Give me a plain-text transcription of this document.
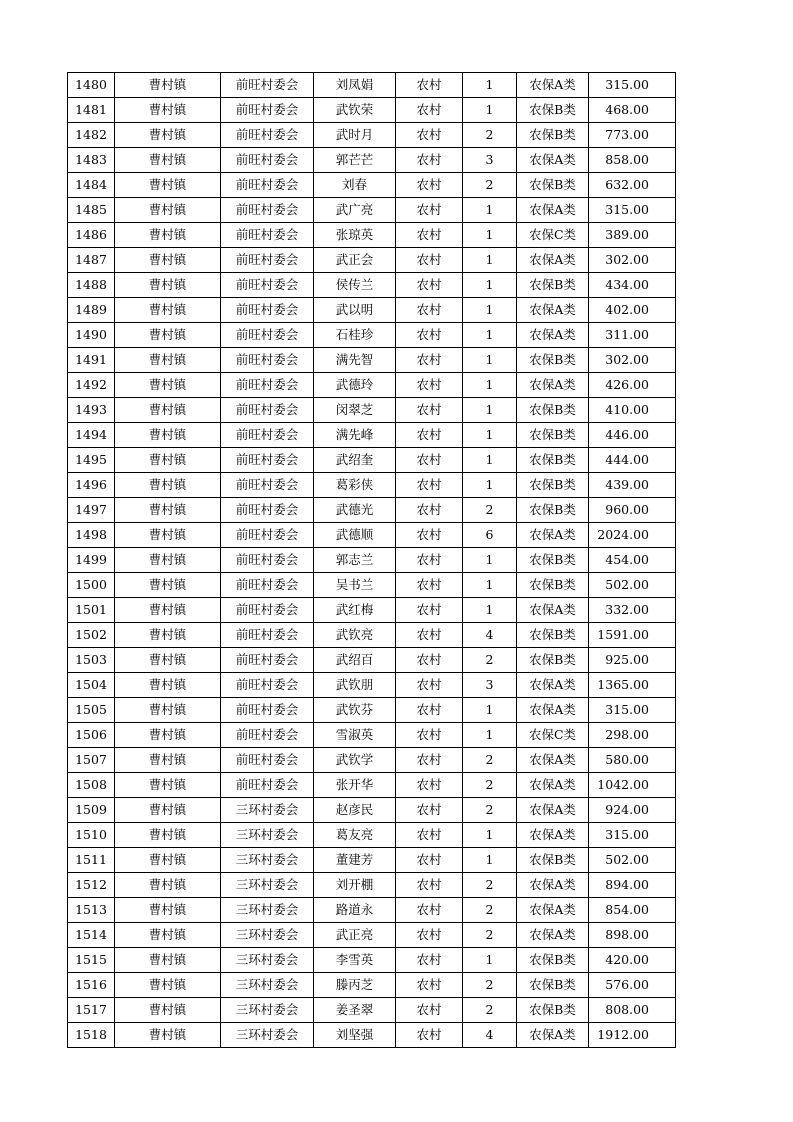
1480	曹村镇	前旺村委会	刘凤娟	农村	1	农保A类	315.00
1481	曹村镇	前旺村委会	武钦荣	农村	1	农保B类	468.00
1482	曹村镇	前旺村委会	武时月	农村	2	农保B类	773.00
1483	曹村镇	前旺村委会	郭芒芒	农村	3	农保A类	858.00
1484	曹村镇	前旺村委会	刘春	农村	2	农保B类	632.00
1485	曹村镇	前旺村委会	武广亮	农村	1	农保A类	315.00
1486	曹村镇	前旺村委会	张琼英	农村	1	农保C类	389.00
1487	曹村镇	前旺村委会	武正会	农村	1	农保A类	302.00
1488	曹村镇	前旺村委会	侯传兰	农村	1	农保B类	434.00
1489	曹村镇	前旺村委会	武以明	农村	1	农保A类	402.00
1490	曹村镇	前旺村委会	石桂珍	农村	1	农保A类	311.00
1491	曹村镇	前旺村委会	满先智	农村	1	农保B类	302.00
1492	曹村镇	前旺村委会	武德玲	农村	1	农保A类	426.00
1493	曹村镇	前旺村委会	闵翠芝	农村	1	农保B类	410.00
1494	曹村镇	前旺村委会	满先峰	农村	1	农保B类	446.00
1495	曹村镇	前旺村委会	武绍奎	农村	1	农保B类	444.00
1496	曹村镇	前旺村委会	葛彩侠	农村	1	农保B类	439.00
1497	曹村镇	前旺村委会	武德光	农村	2	农保B类	960.00
1498	曹村镇	前旺村委会	武德顺	农村	6	农保A类	2024.00
1499	曹村镇	前旺村委会	郭志兰	农村	1	农保B类	454.00
1500	曹村镇	前旺村委会	吴书兰	农村	1	农保B类	502.00
1501	曹村镇	前旺村委会	武红梅	农村	1	农保A类	332.00
1502	曹村镇	前旺村委会	武钦亮	农村	4	农保B类	1591.00
1503	曹村镇	前旺村委会	武绍百	农村	2	农保B类	925.00
1504	曹村镇	前旺村委会	武钦朋	农村	3	农保A类	1365.00
1505	曹村镇	前旺村委会	武钦芬	农村	1	农保A类	315.00
1506	曹村镇	前旺村委会	雪淑英	农村	1	农保C类	298.00
1507	曹村镇	前旺村委会	武钦学	农村	2	农保A类	580.00
1508	曹村镇	前旺村委会	张开华	农村	2	农保A类	1042.00
1509	曹村镇	三环村委会	赵彦民	农村	2	农保A类	924.00
1510	曹村镇	三环村委会	葛友亮	农村	1	农保A类	315.00
1511	曹村镇	三环村委会	董建芳	农村	1	农保B类	502.00
1512	曹村镇	三环村委会	刘开棚	农村	2	农保A类	894.00
1513	曹村镇	三环村委会	路道永	农村	2	农保A类	854.00
1514	曹村镇	三环村委会	武正亮	农村	2	农保A类	898.00
1515	曹村镇	三环村委会	李雪英	农村	1	农保B类	420.00
1516	曹村镇	三环村委会	滕丙芝	农村	2	农保B类	576.00
1517	曹村镇	三环村委会	姜圣翠	农村	2	农保B类	808.00
1518	曹村镇	三环村委会	刘坚强	农村	4	农保A类	1912.00
